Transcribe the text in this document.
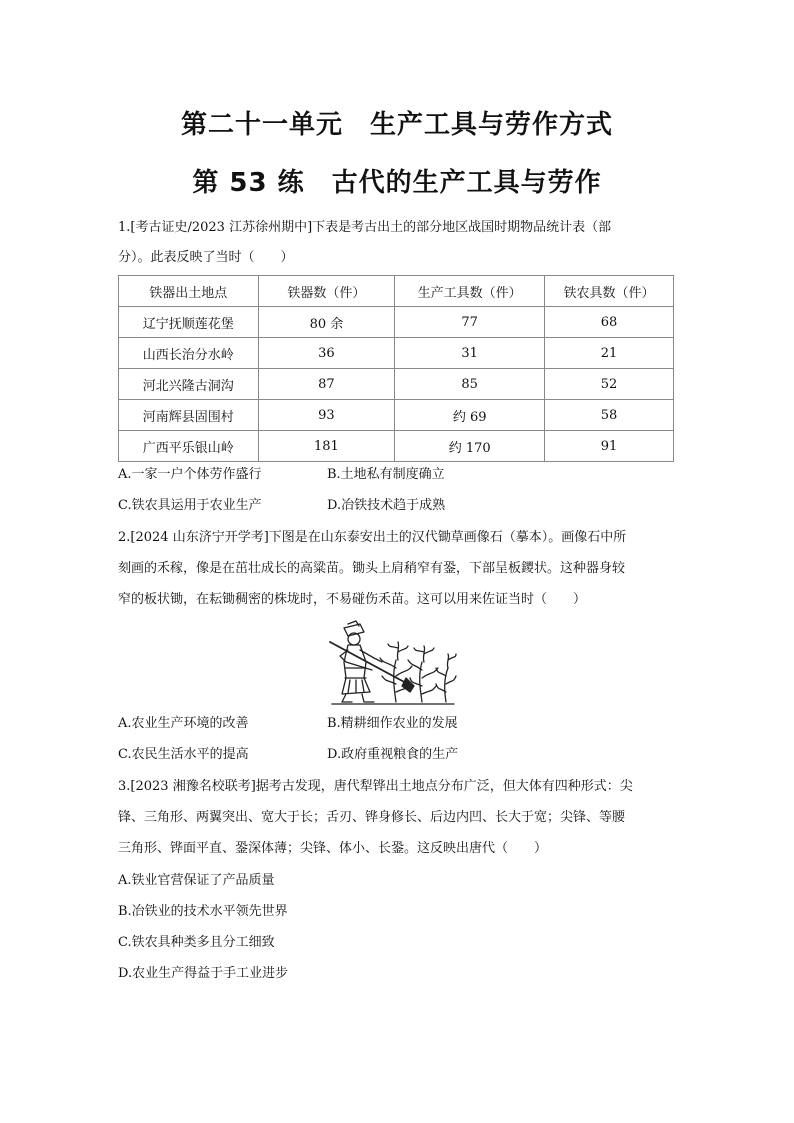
第二十一单元　生产工具与劳作方式
第 53 练　古代的生产工具与劳作
1.[考古证史/2023 江苏徐州期中]下表是考古出土的部分地区战国时期物品统计表（部
分）。此表反映了当时（　　）
铁器出土地点	铁器数（件）	生产工具数（件）	铁农具数（件）
辽宁抚顺莲花堡	80 余	77	68
山西长治分水岭	36	31	21
河北兴隆古洞沟	87	85	52
河南辉县固围村	93	约 69	58
广西平乐银山岭	181	约 170	91
A.一家一户个体劳作盛行	B.土地私有制度确立
C.铁农具运用于农业生产	D.冶铁技术趋于成熟
2.[2024 山东济宁开学考]下图是在山东泰安出土的汉代锄草画像石（摹本）。画像石中所
刻画的禾稼，像是在茁壮成长的高粱苗。锄头上肩稍窄有銎，下部呈板鑁状。这种器身较
窄的板状锄，在耘锄稠密的株垅时，不易碰伤禾苗。这可以用来佐证当时（　　）
A.农业生产环境的改善	B.精耕细作农业的发展
C.农民生活水平的提高	D.政府重视粮食的生产
3.[2023 湘豫名校联考]据考古发现，唐代犁铧出土地点分布广泛，但大体有四种形式：尖
锋、三角形、两翼突出、宽大于长；舌刃、铧身修长、后边内凹、长大于宽；尖锋、等腰
三角形、铧面平直、銎深体薄；尖锋、体小、长銎。这反映出唐代（　　）
A.铁业官营保证了产品质量
B.冶铁业的技术水平领先世界
C.铁农具种类多且分工细致
D.农业生产得益于手工业进步
